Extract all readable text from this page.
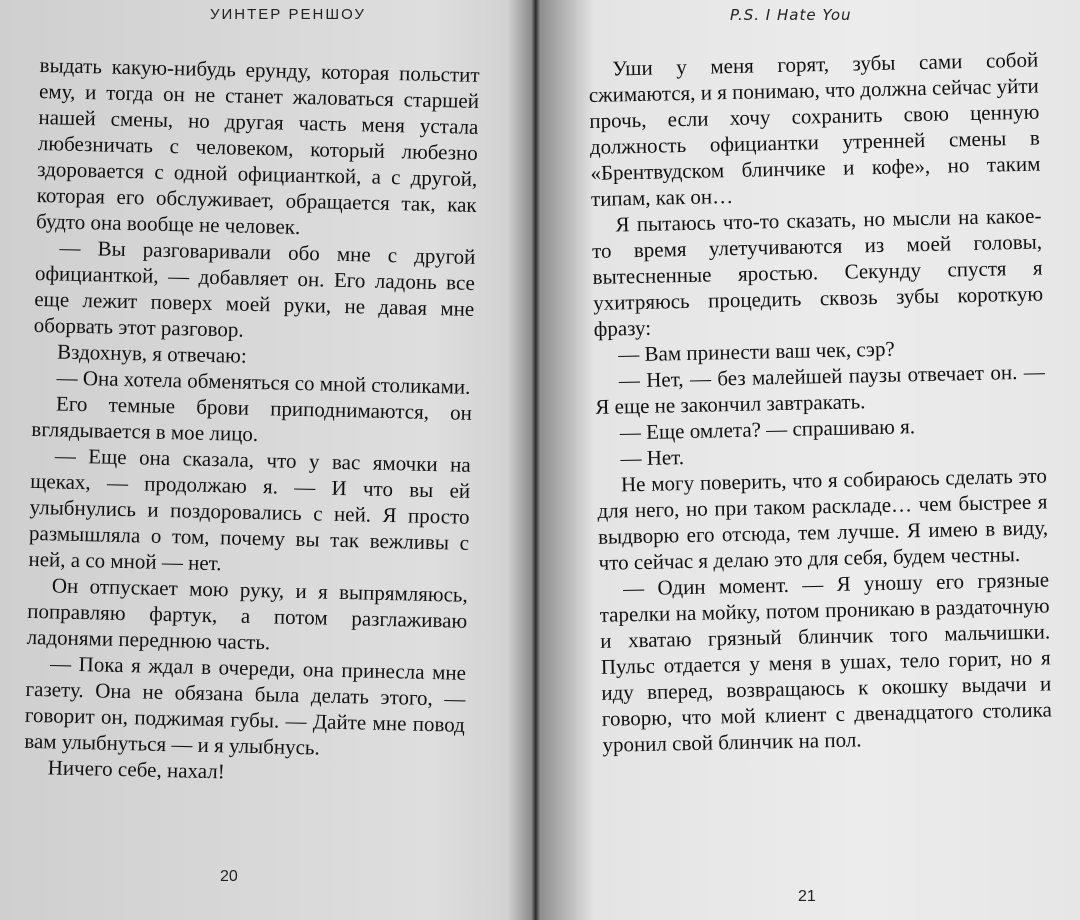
УИНТЕР РЕНШОУ

выдать какую-нибудь ерунду, которая польстит ему, и тогда он не станет жаловаться старшей нашей смены, но другая часть меня устала любезничать с человеком, который любезно здоровается с одной официанткой, а с другой, которая его обслуживает, обращается так, как будто она вообще не человек.

— Вы разговаривали обо мне с другой официанткой, — добавляет он. Его ладонь все еще лежит поверх моей руки, не давая мне оборвать этот разговор.

Вздохнув, я отвечаю:

— Она хотела обменяться со мной столиками.

Его темные брови приподнимаются, он вглядывается в мое лицо.

— Еще она сказала, что у вас ямочки на щеках, — продолжаю я. — И что вы ей улыбнулись и поздоровались с ней. Я просто размышляла о том, почему вы так вежливы с ней, а со мной — нет.

Он отпускает мою руку, и я выпрямляюсь, поправляю фартук, а потом разглаживаю ладонями переднюю часть.

— Пока я ждал в очереди, она принесла мне газету. Она не обязана была делать этого, — говорит он, поджимая губы. — Дайте мне повод вам улыбнуться — и я улыбнусь.

Ничего себе, нахал!

20
P.S. I Hate You

Уши у меня горят, зубы сами собой сжимаются, и я понимаю, что должна сейчас уйти прочь, если хочу сохранить свою ценную должность официантки утренней смены в «Брентвудском блинчике и кофе», но таким типам, как он…

Я пытаюсь что-то сказать, но мысли на какое-то время улетучиваются из моей головы, вытесненные яростью. Секунду спустя я ухитряюсь процедить сквозь зубы короткую фразу:

— Вам принести ваш чек, сэр?

— Нет, — без малейшей паузы отвечает он. — Я еще не закончил завтракать.

— Еще омлета? — спрашиваю я.

— Нет.

Не могу поверить, что я собираюсь сделать это для него, но при таком раскладе… чем быстрее я выдворю его отсюда, тем лучше. Я имею в виду, что сейчас я делаю это для себя, будем честны.

— Один момент. — Я уношу его грязные тарелки на мойку, потом проникаю в раздаточную и хватаю грязный блинчик того мальчишки. Пульс отдается у меня в ушах, тело горит, но я иду вперед, возвращаюсь к окошку выдачи и говорю, что мой клиент с двенадцатого столика уронил свой блинчик на пол.

21
